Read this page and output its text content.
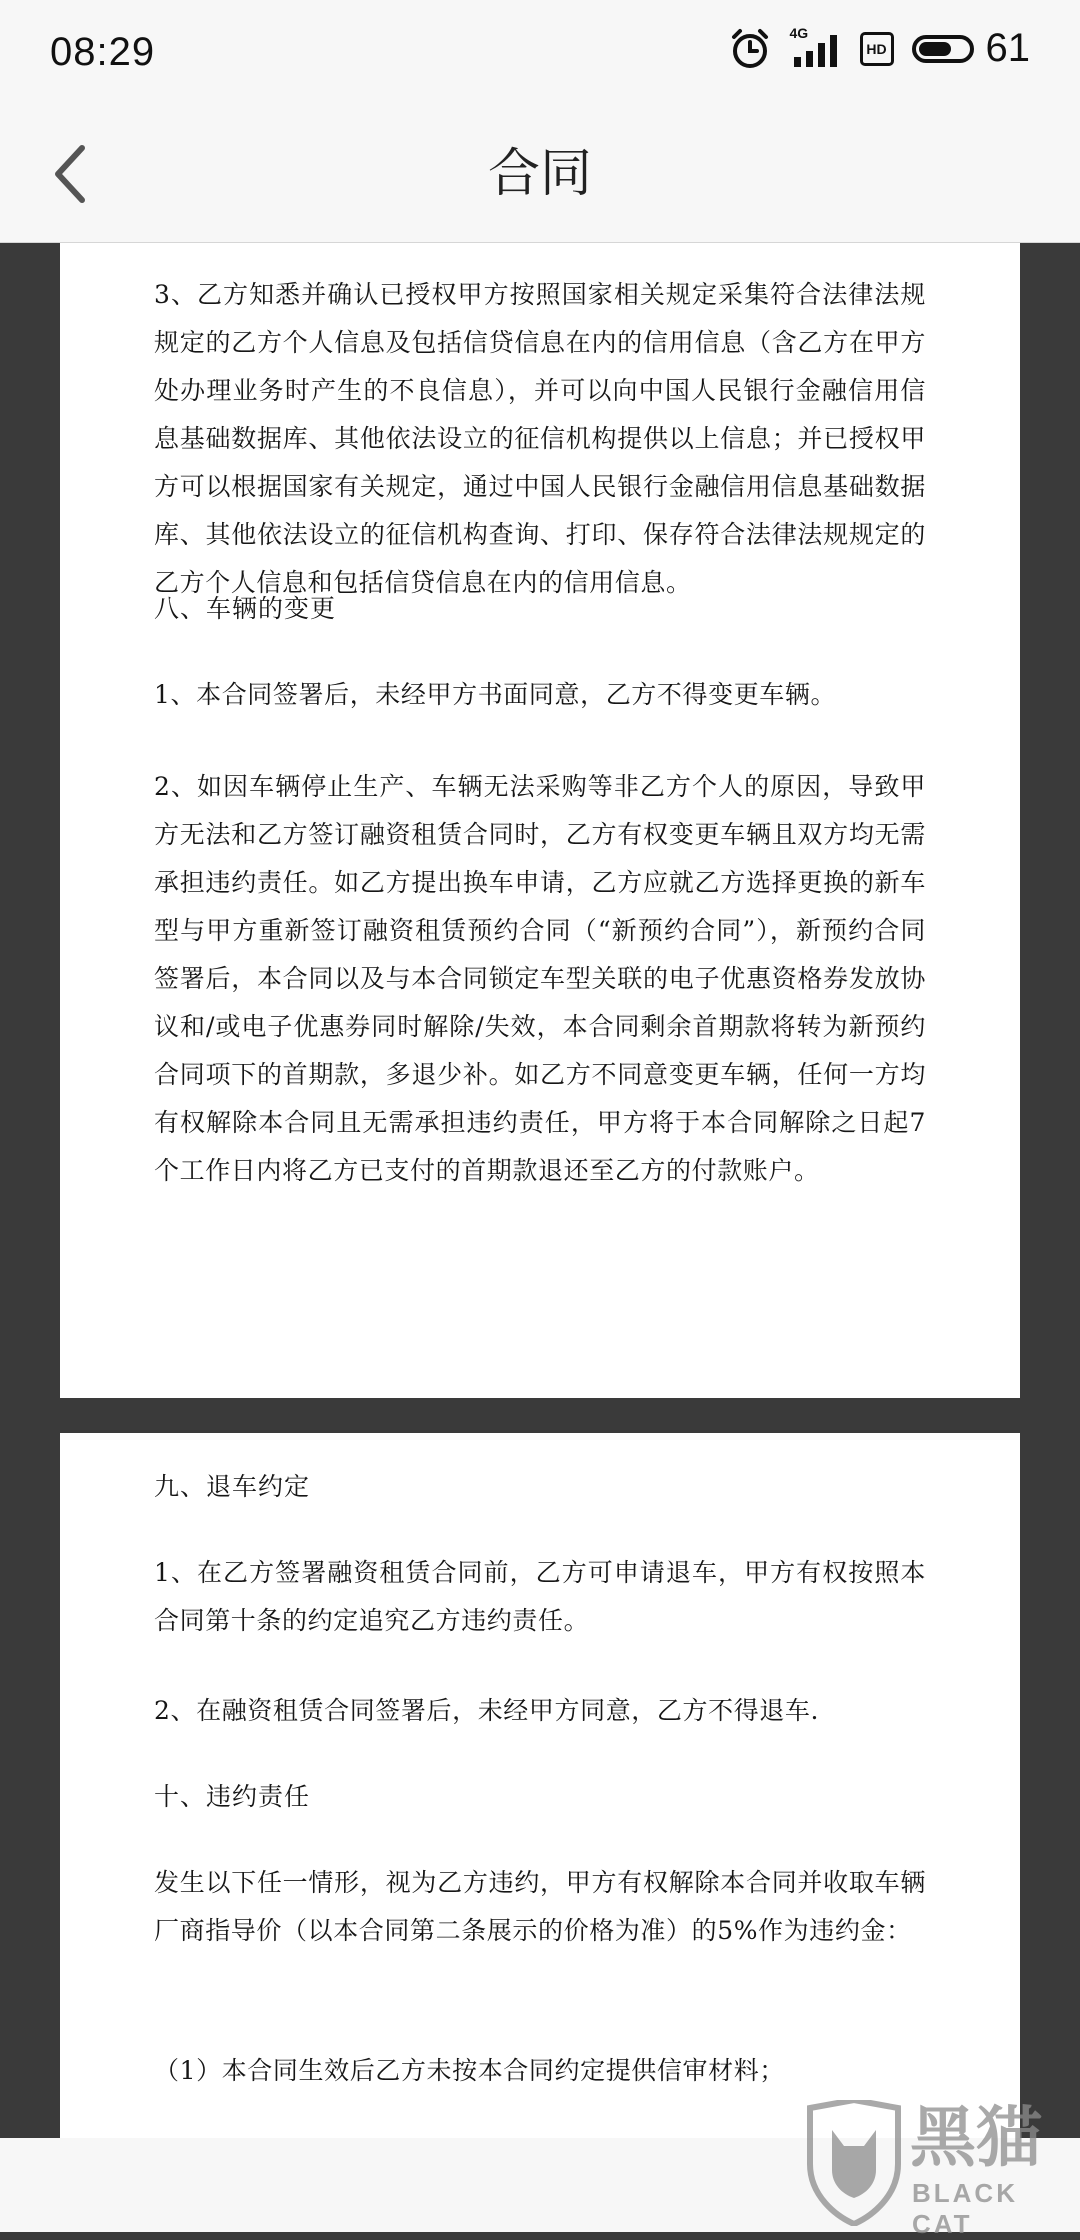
08:29	4G
HD 61
合同

3、乙方知悉并确认已授权甲方按照国家相关规定采集符合法律法规规定的乙方个人信息及包括信贷信息在内的信用信息（含乙方在甲方处办理业务时产生的不良信息），并可以向中国人民银行金融信用信息基础数据库、其他依法设立的征信机构提供以上信息；并已授权甲方可以根据国家有关规定，通过中国人民银行金融信用信息基础数据库、其他依法设立的征信机构查询、打印、保存符合法律法规规定的乙方个人信息和包括信贷信息在内的信用信息。

八、车辆的变更

1、本合同签署后，未经甲方书面同意，乙方不得变更车辆。

2、如因车辆停止生产、车辆无法采购等非乙方个人的原因，导致甲方无法和乙方签订融资租赁合同时，乙方有权变更车辆且双方均无需承担违约责任。如乙方提出换车申请，乙方应就乙方选择更换的新车型与甲方重新签订融资租赁预约合同（“新预约合同”），新预约合同签署后，本合同以及与本合同锁定车型关联的电子优惠资格券发放协议和/或电子优惠券同时解除/失效，本合同剩余首期款将转为新预约合同项下的首期款，多退少补。如乙方不同意变更车辆，任何一方均有权解除本合同且无需承担违约责任，甲方将于本合同解除之日起7个工作日内将乙方已支付的首期款退还至乙方的付款账户。

九、退车约定

1、在乙方签署融资租赁合同前，乙方可申请退车，甲方有权按照本合同第十条的约定追究乙方违约责任。

2、在融资租赁合同签署后，未经甲方同意，乙方不得退车.

十、违约责任

发生以下任一情形，视为乙方违约，甲方有权解除本合同并收取车辆厂商指导价（以本合同第二条展示的价格为准）的5%作为违约金：

（1）本合同生效后乙方未按本合同约定提供信审材料；

黑猫
BLACK CAT
